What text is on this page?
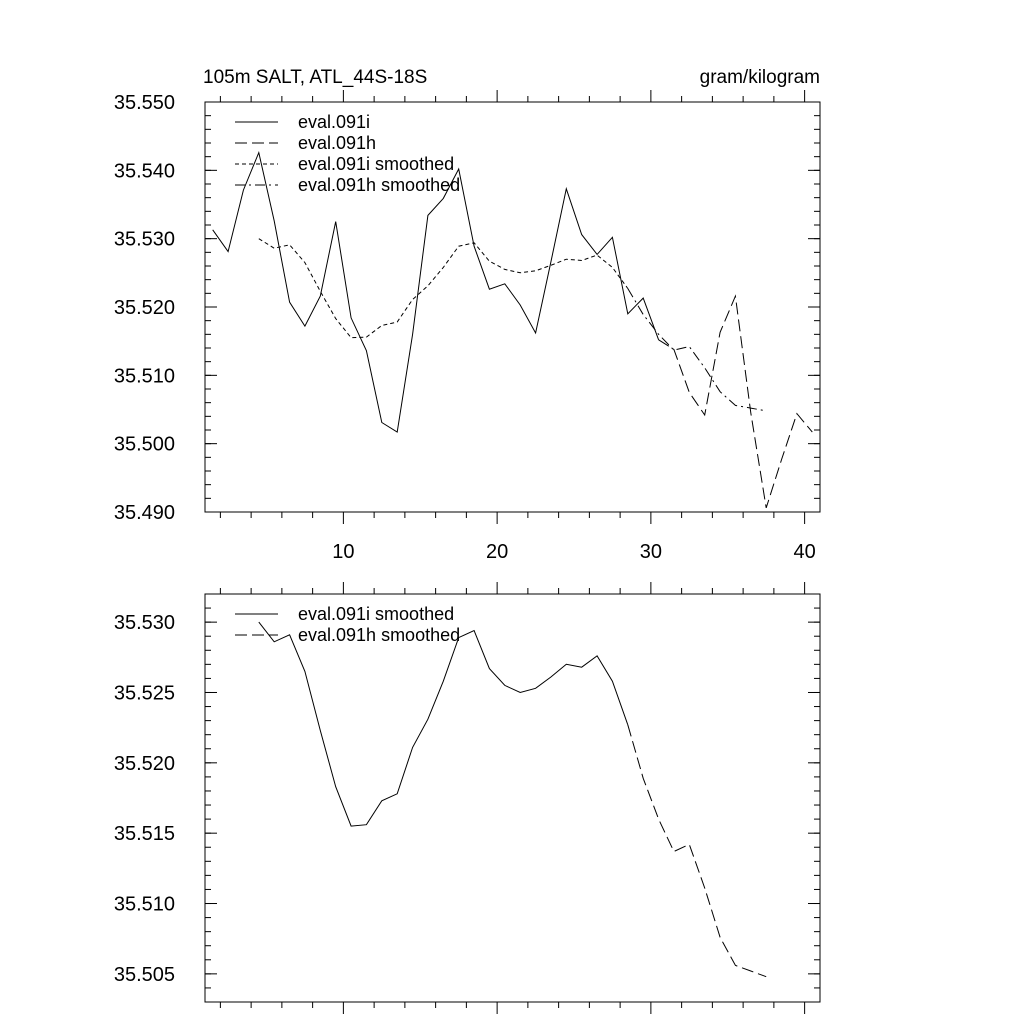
105m SALT, ATL_44S-18S	gram/kilogram
35.490
35.500
35.510
35.520
35.530
35.540
35.550
10	20	30	40
eval.091i
eval.091h
eval.091i smoothed
eval.091h smoothed
35.505
35.510
35.515
35.520
35.525
35.530	eval.091i smoothed
eval.091h smoothed
